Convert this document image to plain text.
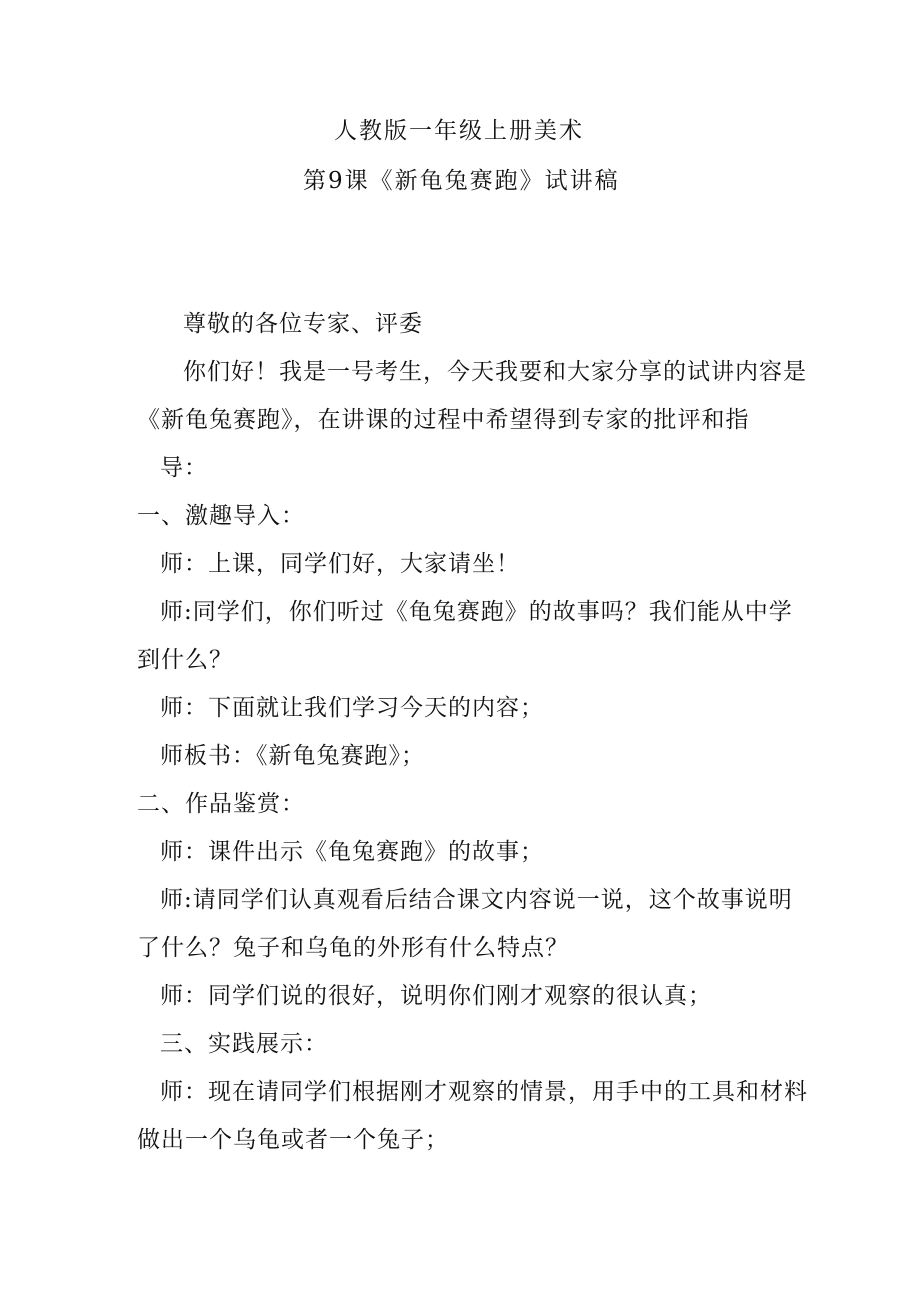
人教版一年级上册美术
第9课《新龟兔赛跑》试讲稿
尊敬的各位专家、评委
你们好！我是一号考生，今天我要和大家分享的试讲内容是
《新龟兔赛跑》，在讲课的过程中希望得到专家的批评和指
导：
一、激趣导入：
师：上课，同学们好，大家请坐！
师:同学们，你们听过《龟兔赛跑》的故事吗？我们能从中学
到什么？
师：下面就让我们学习今天的内容；
师板书：《新龟兔赛跑》；
二、作品鉴赏：
师：课件出示《龟兔赛跑》的故事；
师:请同学们认真观看后结合课文内容说一说，这个故事说明
了什么？兔子和乌龟的外形有什么特点？
师：同学们说的很好，说明你们刚才观察的很认真；
三、实践展示：
师：现在请同学们根据刚才观察的情景，用手中的工具和材料
做出一个乌龟或者一个兔子；
